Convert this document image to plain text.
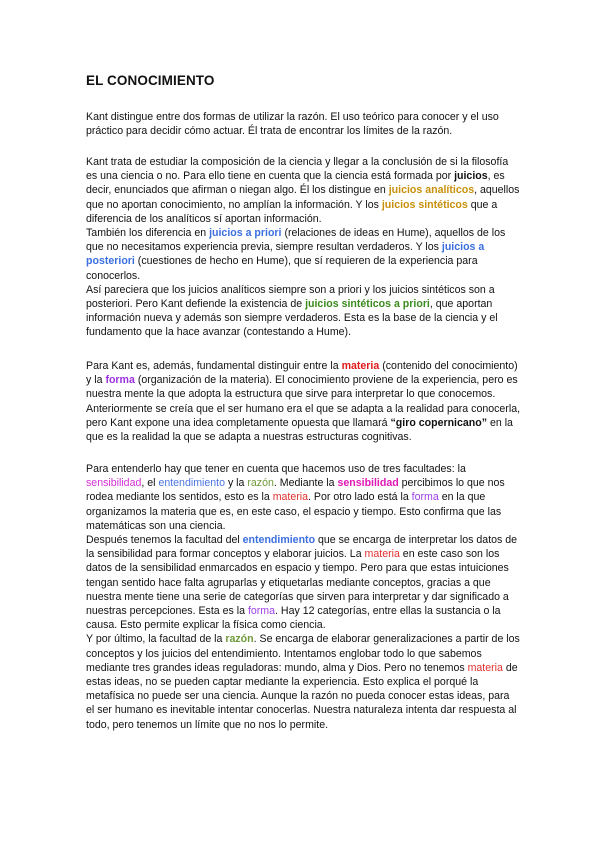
EL CONOCIMIENTO
Kant distingue entre dos formas de utilizar la razón. El uso teórico para conocer y el uso
práctico para decidir cómo actuar. Él trata de encontrar los límites de la razón.
Kant trata de estudiar la composición de la ciencia y llegar a la conclusión de si la filosofía
es una ciencia o no. Para ello tiene en cuenta que la ciencia está formada por juicios, es
decir, enunciados que afirman o niegan algo. Él los distingue en juicios analíticos, aquellos
que no aportan conocimiento, no amplían la información. Y los juicios sintéticos que a
diferencia de los analíticos sí aportan información.
También los diferencia en juicios a priori (relaciones de ideas en Hume), aquellos de los
que no necesitamos experiencia previa, siempre resultan verdaderos. Y los juicios a
posteriori (cuestiones de hecho en Hume), que sí requieren de la experiencia para
conocerlos.
Así pareciera que los juicios analíticos siempre son a priori y los juicios sintéticos son a
posteriori. Pero Kant defiende la existencia de juicios sintéticos a priori, que aportan
información nueva y además son siempre verdaderos. Esta es la base de la ciencia y el
fundamento que la hace avanzar (contestando a Hume).
Para Kant es, además, fundamental distinguir entre la materia (contenido del conocimiento)
y la forma (organización de la materia). El conocimiento proviene de la experiencia, pero es
nuestra mente la que adopta la estructura que sirve para interpretar lo que conocemos.
Anteriormente se creía que el ser humano era el que se adapta a la realidad para conocerla,
pero Kant expone una idea completamente opuesta que llamará “giro copernicano” en la
que es la realidad la que se adapta a nuestras estructuras cognitivas.
Para entenderlo hay que tener en cuenta que hacemos uso de tres facultades: la
sensibilidad, el entendimiento y la razón. Mediante la sensibilidad percibimos lo que nos
rodea mediante los sentidos, esto es la materia. Por otro lado está la forma en la que
organizamos la materia que es, en este caso, el espacio y tiempo. Esto confirma que las
matemáticas son una ciencia.
Después tenemos la facultad del entendimiento que se encarga de interpretar los datos de
la sensibilidad para formar conceptos y elaborar juicios. La materia en este caso son los
datos de la sensibilidad enmarcados en espacio y tiempo. Pero para que estas intuiciones
tengan sentido hace falta agruparlas y etiquetarlas mediante conceptos, gracias a que
nuestra mente tiene una serie de categorías que sirven para interpretar y dar significado a
nuestras percepciones. Esta es la forma. Hay 12 categorías, entre ellas la sustancia o la
causa. Esto permite explicar la física como ciencia.
Y por último, la facultad de la razón. Se encarga de elaborar generalizaciones a partir de los
conceptos y los juicios del entendimiento. Intentamos englobar todo lo que sabemos
mediante tres grandes ideas reguladoras: mundo, alma y Dios. Pero no tenemos materia de
estas ideas, no se pueden captar mediante la experiencia. Esto explica el porqué la
metafísica no puede ser una ciencia. Aunque la razón no pueda conocer estas ideas, para
el ser humano es inevitable intentar conocerlas. Nuestra naturaleza intenta dar respuesta al
todo, pero tenemos un límite que no nos lo permite.
